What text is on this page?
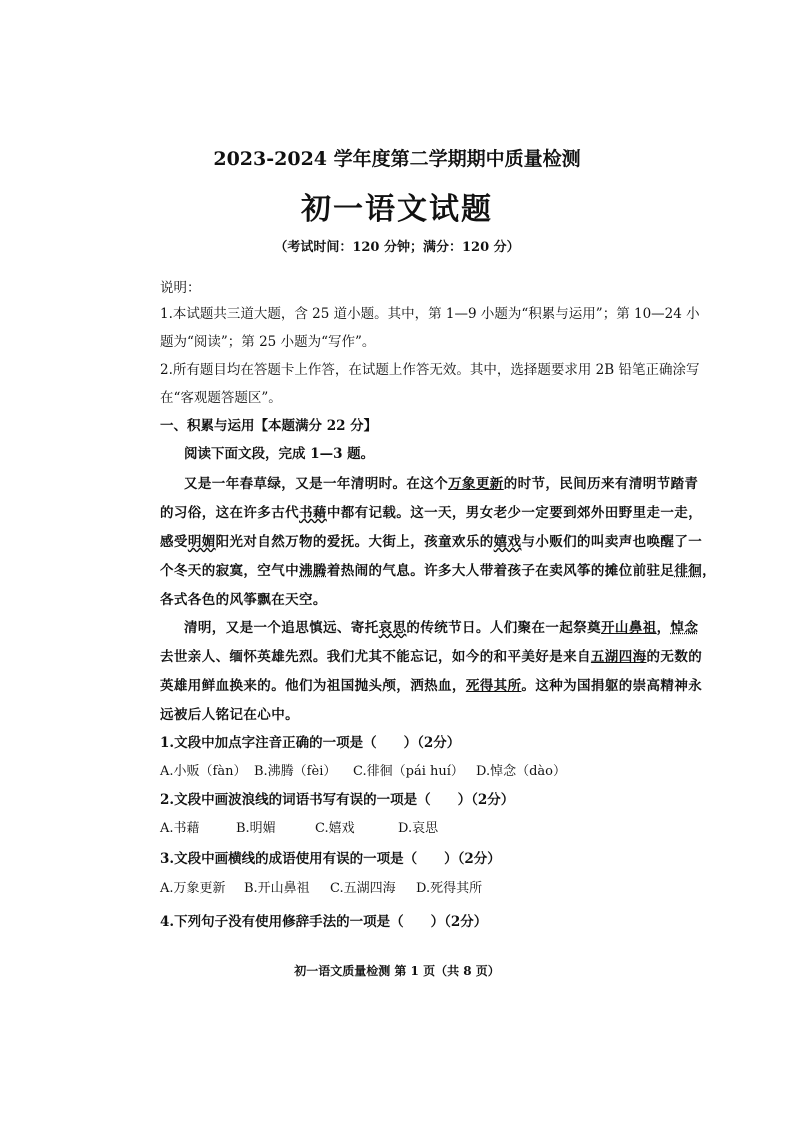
2023-2024 学年度第二学期期中质量检测
初一语文试题
（考试时间：120 分钟；满分：120 分）
说明：
1.本试题共三道大题，含 25 道小题。其中，第 1—9 小题为“积累与运用”；第 10—24 小
题为“阅读”；第 25 小题为“写作”。
2.所有题目均在答题卡上作答，在试题上作答无效。其中，选择题要求用 2B 铅笔正确涂写
在“客观题答题区”。
一、积累与运用【本题满分 22 分】
阅读下面文段，完成 1—3 题。
又是一年春草绿，又是一年清明时。在这个万象更新的时节，民间历来有清明节踏青
的习俗，这在许多古代书藉中都有记载。这一天，男女老少一定要到郊外田野里走一走，
感受明媚阳光对自然万物的爱抚。大街上，孩童欢乐的嬉戏与小贩们的叫卖声也唤醒了一
个冬天的寂寞，空气中沸腾着热闹的气息。许多大人带着孩子在卖风筝的摊位前驻足徘徊，
各式各色的风筝飘在天空。
清明，又是一个追思慎远、寄托哀思的传统节日。人们聚在一起祭奠开山鼻祖，悼念
去世亲人、缅怀英雄先烈。我们尤其不能忘记，如今的和平美好是来自五湖四海的无数的
英雄用鲜血换来的。他们为祖国抛头颅，洒热血，死得其所。这种为国捐躯的崇高精神永
远被后人铭记在心中。
1.文段中加点字注音正确的一项是（　　）（2分）
A.小贩（fàn） B.沸腾（fèi） C.徘徊（pái huí） D.悼念（dào）
2.文段中画波浪线的词语书写有误的一项是（　　）（2分）
A.书藉	B.明媚	C.嬉戏	D.哀思
3.文段中画横线的成语使用有误的一项是（　　）（2分）
A.万象更新 B.开山鼻祖 C.五湖四海 D.死得其所
4.下列句子没有使用修辞手法的一项是（　　）（2分）
初一语文质量检测 第 1 页（共 8 页）
